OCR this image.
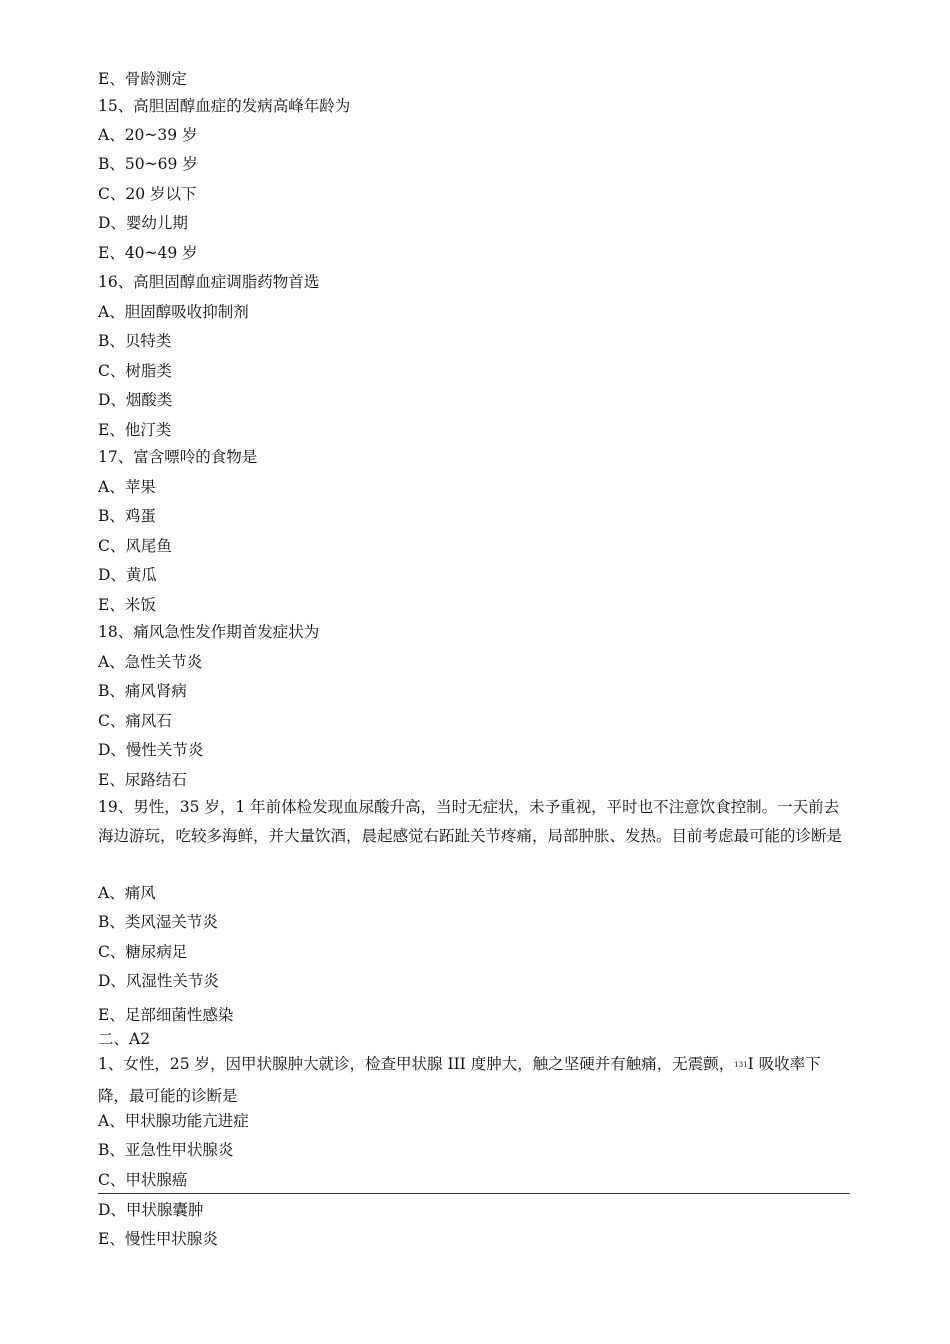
E、骨龄测定
15、高胆固醇血症的发病高峰年龄为
A、20~39 岁
B、50~69 岁
C、20 岁以下
D、婴幼儿期
E、40~49 岁
16、高胆固醇血症调脂药物首选
A、胆固醇吸收抑制剂
B、贝特类
C、树脂类
D、烟酸类
E、他汀类
17、富含嘌呤的食物是
A、苹果
B、鸡蛋
C、风尾鱼
D、黄瓜
E、米饭
18、痛风急性发作期首发症状为
A、急性关节炎
B、痛风肾病
C、痛风石
D、慢性关节炎
E、尿路结石
19、男性，35 岁，1 年前体检发现血尿酸升高，当时无症状，未予重视，平时也不注意饮食控制。一天前去海边游玩，吃较多海鲜，并大量饮酒，晨起感觉右跖趾关节疼痛，局部肿胀、发热。目前考虑最可能的诊断是
A、痛风
B、类风湿关节炎
C、糖尿病足
D、风湿性关节炎
E、足部细菌性感染
二、A2
1、女性，25 岁，因甲状腺肿大就诊，检查甲状腺 III 度肿大，触之坚硬并有触痛，无震颤，131I 吸收率下降，最可能的诊断是
A、甲状腺功能亢进症
B、亚急性甲状腺炎
C、甲状腺癌
D、甲状腺囊肿
E、慢性甲状腺炎
